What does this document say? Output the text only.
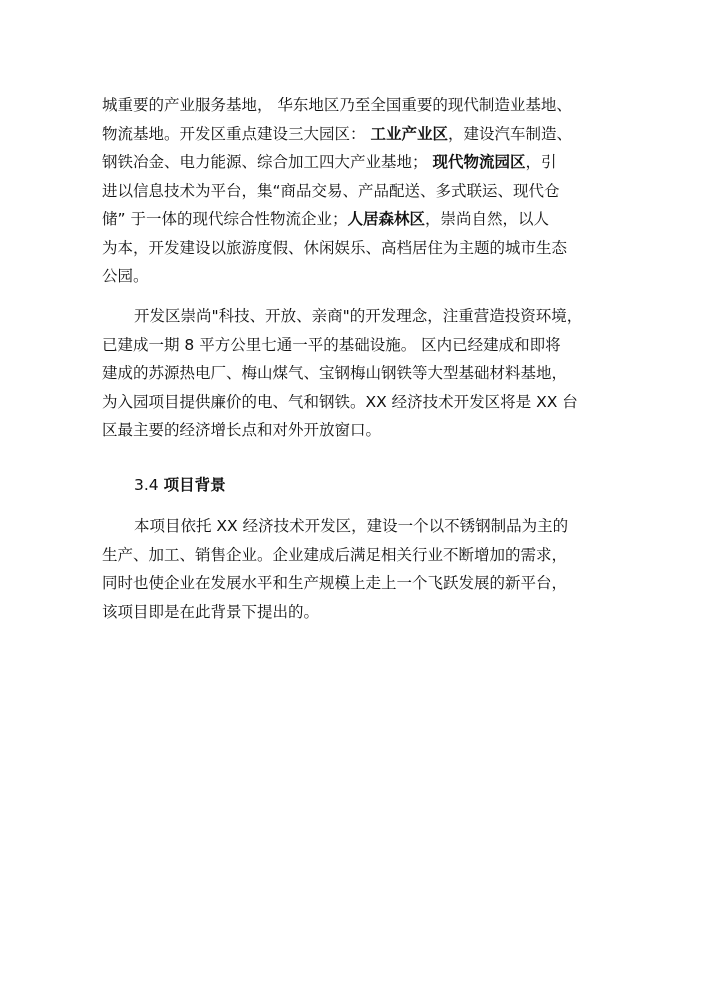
城重要的产业服务基地， 华东地区乃至全国重要的现代制造业基地、
物流基地。开发区重点建设三大园区： 工业产业区，建设汽车制造、
钢铁冶金、电力能源、综合加工四大产业基地； 现代物流园区，引
进以信息技术为平台，集“商品交易、产品配送、多式联运、现代仓
储” 于一体的现代综合性物流企业；人居森林区，崇尚自然，以人
为本，开发建设以旅游度假、休闲娱乐、高档居住为主题的城市生态
公园。
开发区崇尚"科技、开放、亲商"的开发理念，注重营造投资环境，
已建成一期 8 平方公里七通一平的基础设施。 区内已经建成和即将
建成的苏源热电厂、梅山煤气、宝钢梅山钢铁等大型基础材料基地，
为入园项目提供廉价的电、气和钢铁。XX 经济技术开发区将是 XX 台
区最主要的经济增长点和对外开放窗口。
3.4 项目背景
本项目依托 XX 经济技术开发区，建设一个以不锈钢制品为主的
生产、加工、销售企业。企业建成后满足相关行业不断增加的需求，
同时也使企业在发展水平和生产规模上走上一个飞跃发展的新平台，
该项目即是在此背景下提出的。
